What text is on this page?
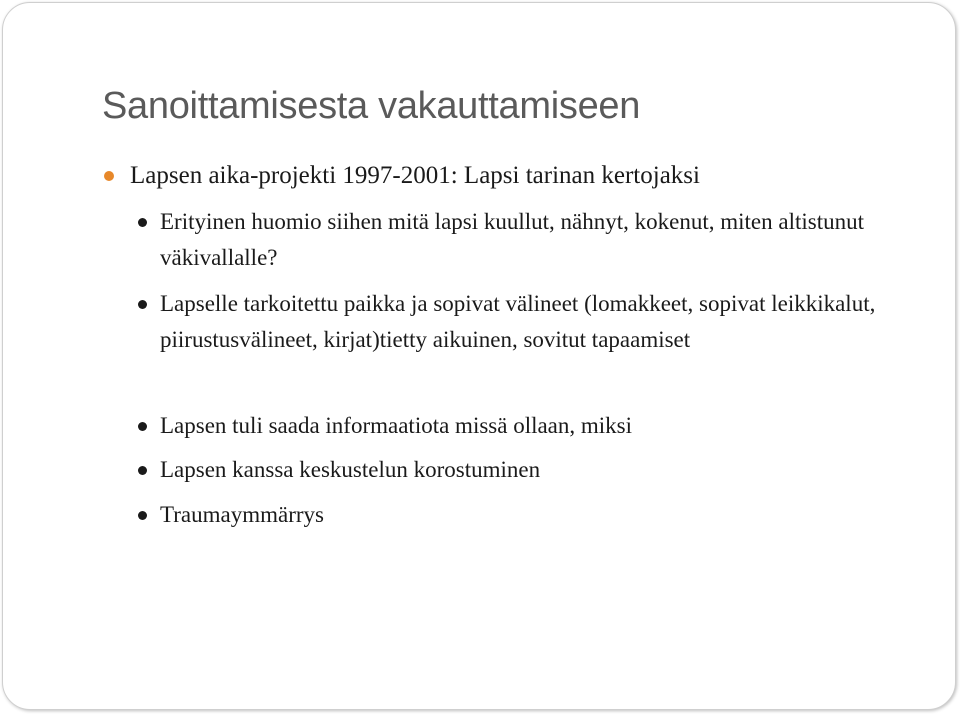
Sanoittamisesta vakauttamiseen
Lapsen aika-projekti 1997-2001: Lapsi tarinan kertojaksi
Erityinen huomio siihen mitä lapsi kuullut, nähnyt, kokenut, miten altistunut väkivallalle?
Lapselle tarkoitettu paikka ja sopivat välineet (lomakkeet, sopivat leikkikalut, piirustusvälineet, kirjat)tietty aikuinen, sovitut tapaamiset
Lapsen tuli saada informaatiota missä ollaan, miksi
Lapsen kanssa keskustelun korostuminen
Traumaymmärrys
